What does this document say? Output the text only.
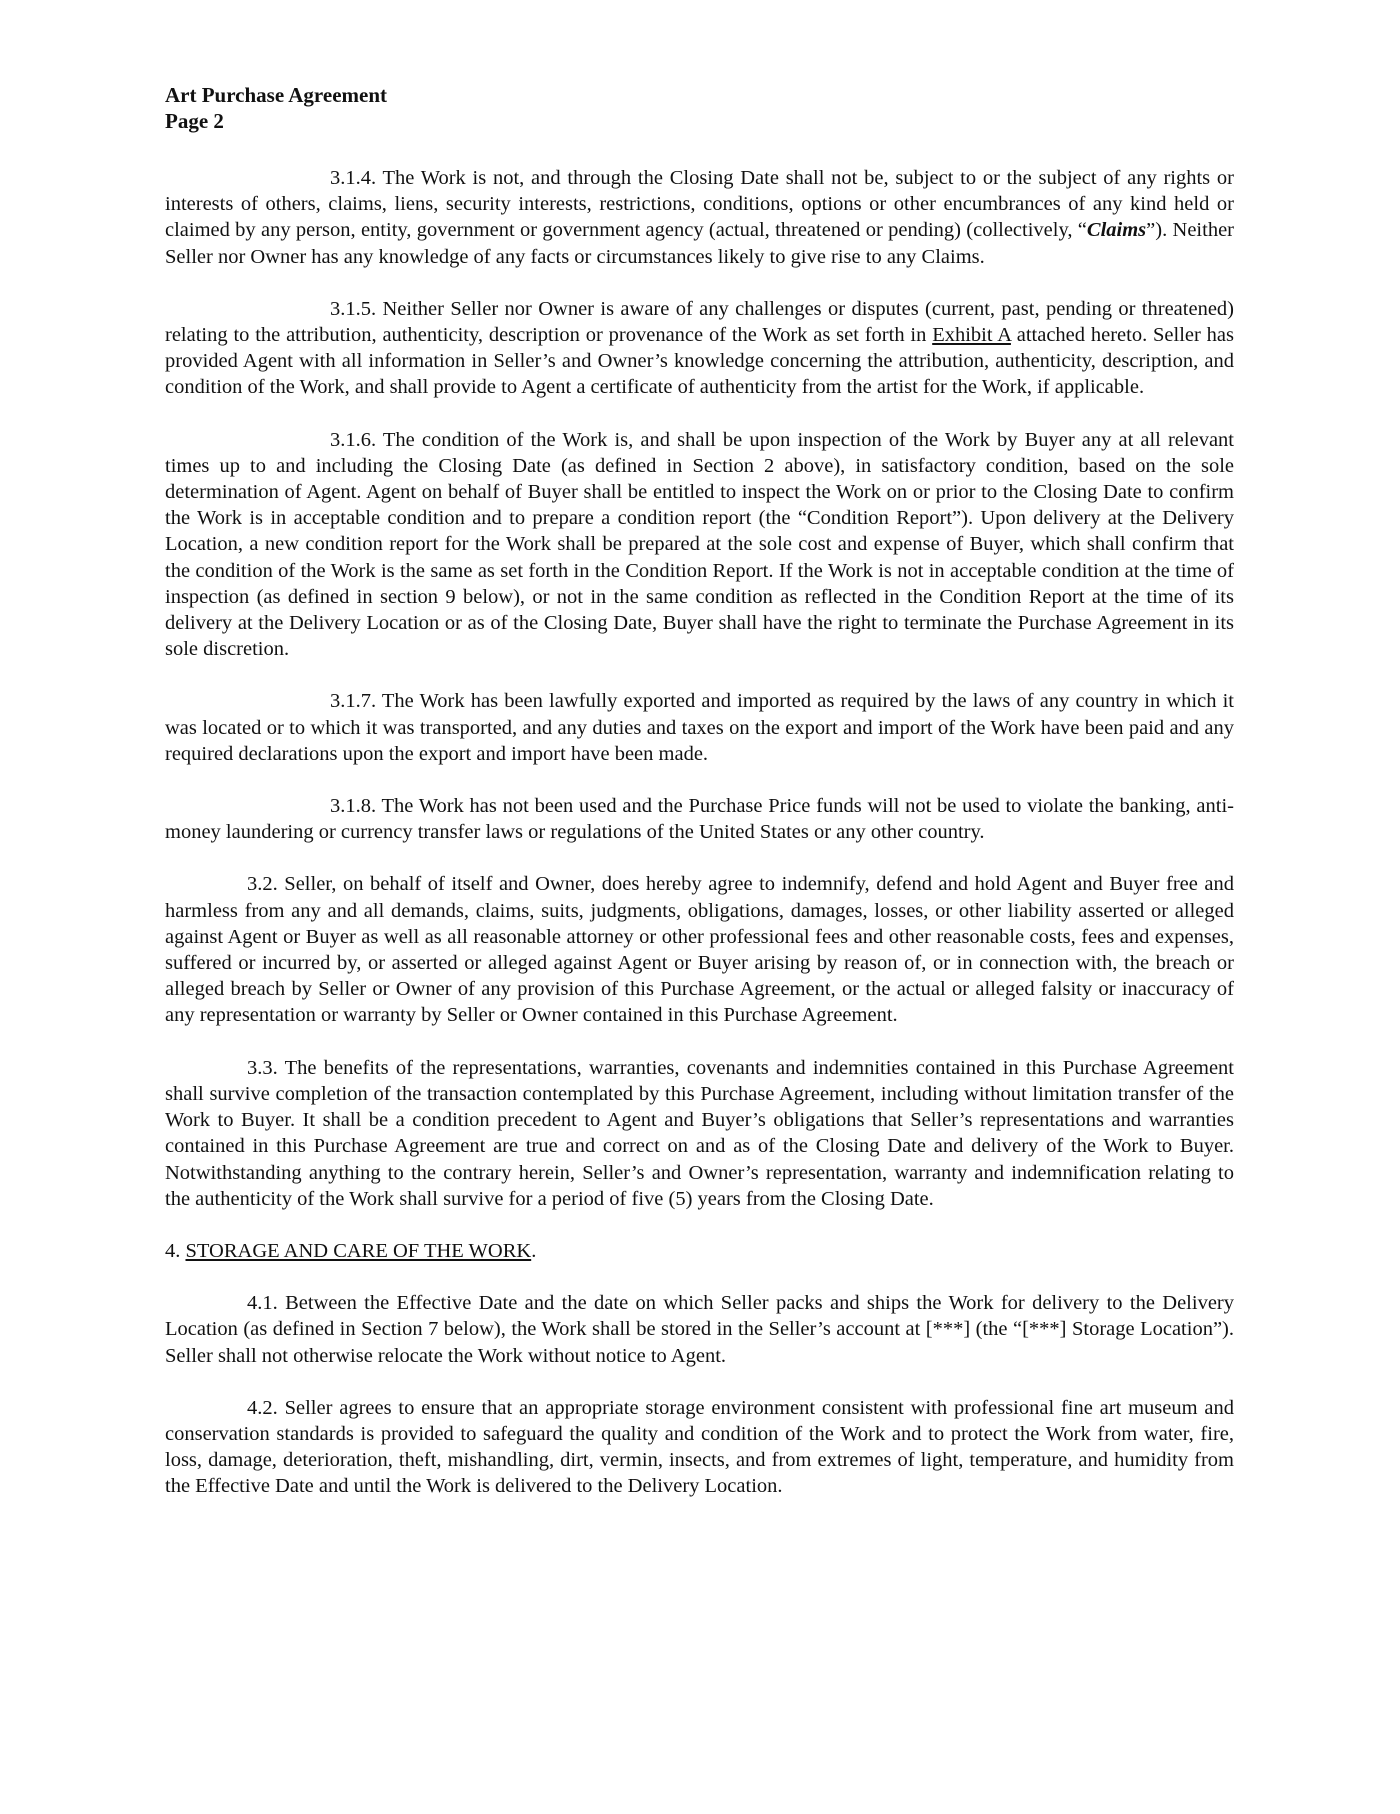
Art Purchase Agreement
Page 2

3.1.4. The Work is not, and through the Closing Date shall not be, subject to or the subject of any rights or interests of others, claims, liens, security interests, restrictions, conditions, options or other encumbrances of any kind held or claimed by any person, entity, government or government agency (actual, threatened or pending) (collectively, “Claims”). Neither Seller nor Owner has any knowledge of any facts or circumstances likely to give rise to any Claims.

3.1.5. Neither Seller nor Owner is aware of any challenges or disputes (current, past, pending or threatened) relating to the attribution, authenticity, description or provenance of the Work as set forth in Exhibit A attached hereto. Seller has provided Agent with all information in Seller’s and Owner’s knowledge concerning the attribution, authenticity, description, and condition of the Work, and shall provide to Agent a certificate of authenticity from the artist for the Work, if applicable.

3.1.6. The condition of the Work is, and shall be upon inspection of the Work by Buyer any at all relevant times up to and including the Closing Date (as defined in Section 2 above), in satisfactory condition, based on the sole determination of Agent. Agent on behalf of Buyer shall be entitled to inspect the Work on or prior to the Closing Date to confirm the Work is in acceptable condition and to prepare a condition report (the “Condition Report”). Upon delivery at the Delivery Location, a new condition report for the Work shall be prepared at the sole cost and expense of Buyer, which shall confirm that the condition of the Work is the same as set forth in the Condition Report. If the Work is not in acceptable condition at the time of inspection (as defined in section 9 below), or not in the same condition as reflected in the Condition Report at the time of its delivery at the Delivery Location or as of the Closing Date, Buyer shall have the right to terminate the Purchase Agreement in its sole discretion.

3.1.7. The Work has been lawfully exported and imported as required by the laws of any country in which it was located or to which it was transported, and any duties and taxes on the export and import of the Work have been paid and any required declarations upon the export and import have been made.

3.1.8. The Work has not been used and the Purchase Price funds will not be used to violate the banking, anti-money laundering or currency transfer laws or regulations of the United States or any other country.

3.2. Seller, on behalf of itself and Owner, does hereby agree to indemnify, defend and hold Agent and Buyer free and harmless from any and all demands, claims, suits, judgments, obligations, damages, losses, or other liability asserted or alleged against Agent or Buyer as well as all reasonable attorney or other professional fees and other reasonable costs, fees and expenses, suffered or incurred by, or asserted or alleged against Agent or Buyer arising by reason of, or in connection with, the breach or alleged breach by Seller or Owner of any provision of this Purchase Agreement, or the actual or alleged falsity or inaccuracy of any representation or warranty by Seller or Owner contained in this Purchase Agreement.

3.3. The benefits of the representations, warranties, covenants and indemnities contained in this Purchase Agreement shall survive completion of the transaction contemplated by this Purchase Agreement, including without limitation transfer of the Work to Buyer. It shall be a condition precedent to Agent and Buyer’s obligations that Seller’s representations and warranties contained in this Purchase Agreement are true and correct on and as of the Closing Date and delivery of the Work to Buyer. Notwithstanding anything to the contrary herein, Seller’s and Owner’s representation, warranty and indemnification relating to the authenticity of the Work shall survive for a period of five (5) years from the Closing Date.

4. STORAGE AND CARE OF THE WORK.

4.1. Between the Effective Date and the date on which Seller packs and ships the Work for delivery to the Delivery Location (as defined in Section 7 below), the Work shall be stored in the Seller’s account at [***] (the “[***] Storage Location”). Seller shall not otherwise relocate the Work without notice to Agent.

4.2. Seller agrees to ensure that an appropriate storage environment consistent with professional fine art museum and conservation standards is provided to safeguard the quality and condition of the Work and to protect the Work from water, fire, loss, damage, deterioration, theft, mishandling, dirt, vermin, insects, and from extremes of light, temperature, and humidity from the Effective Date and until the Work is delivered to the Delivery Location.
